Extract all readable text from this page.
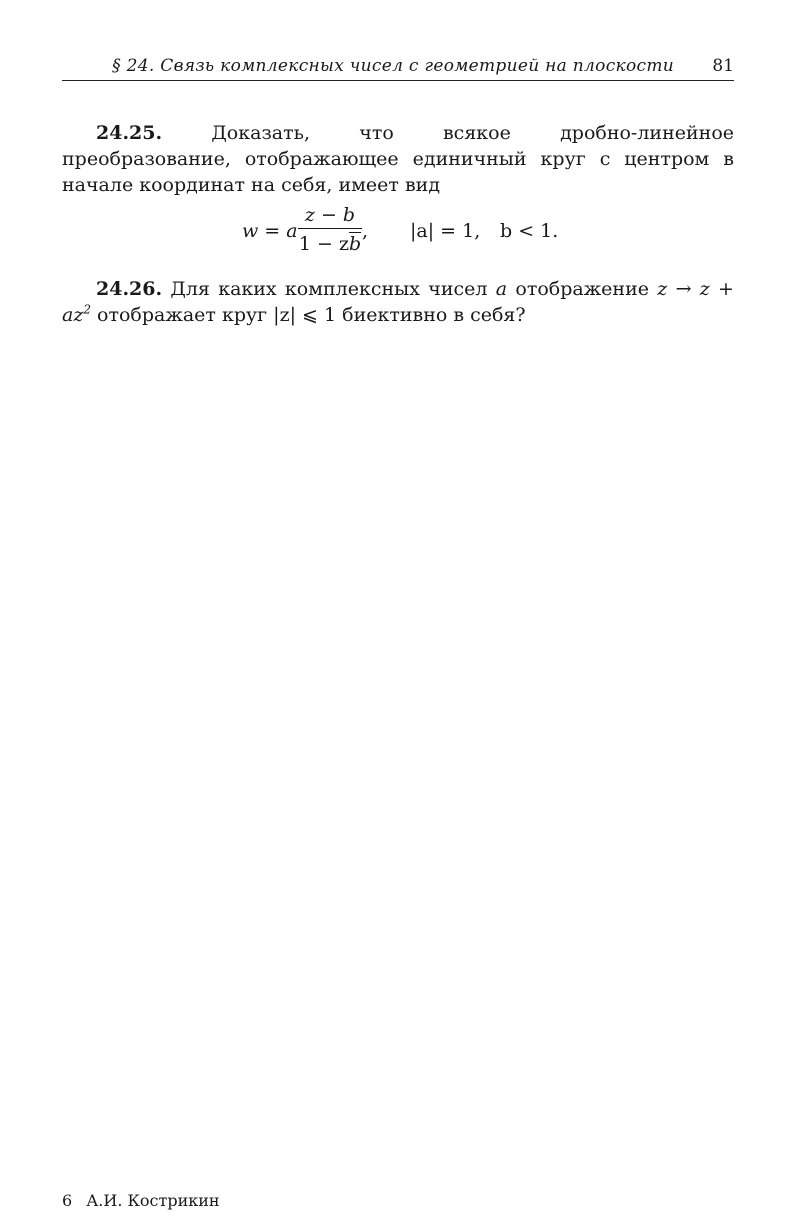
§ 24. Связь комплексных чисел с геометрией на плоскости 81

24.25.	Доказать, что всякое дробно-линейное преобразование, отображающее единичный круг с центром в начале координат на себя, имеет вид

w = a
z − b
$1 - z\overline{b}$
, |a| = 1, b < 1.

24.26. Для каких комплексных чисел a отображение $z \to z + az^2$ отображает круг |z| ⩽ 1 биективно в себя?

6 А.И. Кострикин
